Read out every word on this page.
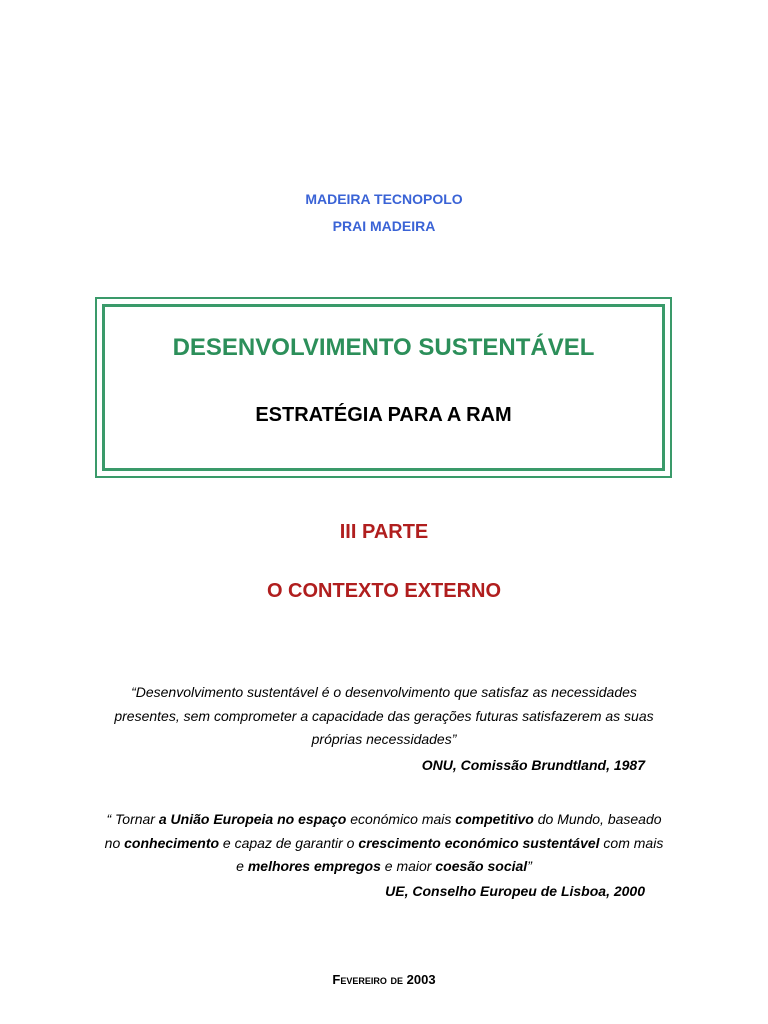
MADEIRA TECNOPOLO
PRAI MADEIRA
DESENVOLVIMENTO SUSTENTÁVEL
ESTRATÉGIA PARA A RAM
III PARTE
O CONTEXTO EXTERNO
“Desenvolvimento sustentável é o desenvolvimento que satisfaz as necessidades
presentes, sem comprometer a capacidade das gerações futuras satisfazerem as suas
próprias necessidades”
ONU, Comissão Brundtland, 1987
“ Tornar a União Europeia no espaço económico mais competitivo do Mundo, baseado
no conhecimento e capaz de garantir o crescimento económico sustentável com mais
e melhores empregos e maior coesão social”
UE, Conselho Europeu de Lisboa, 2000
Fevereiro de 2003
